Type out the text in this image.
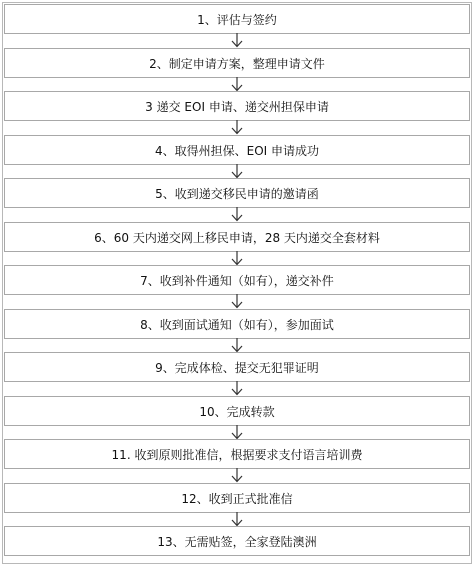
1、评估与签约
2、制定申请方案，整理申请文件
3 递交 EOI 申请、递交州担保申请
4、取得州担保、EOI 申请成功
5、收到递交移民申请的邀请函
6、60 天内递交网上移民申请，28 天内递交全套材料
7、收到补件通知（如有），递交补件
8、收到面试通知（如有），参加面试
9、完成体检、提交无犯罪证明
10、完成转款
11. 收到原则批准信，根据要求支付语言培训费
12、收到正式批准信
13、无需贴签，全家登陆澳洲
